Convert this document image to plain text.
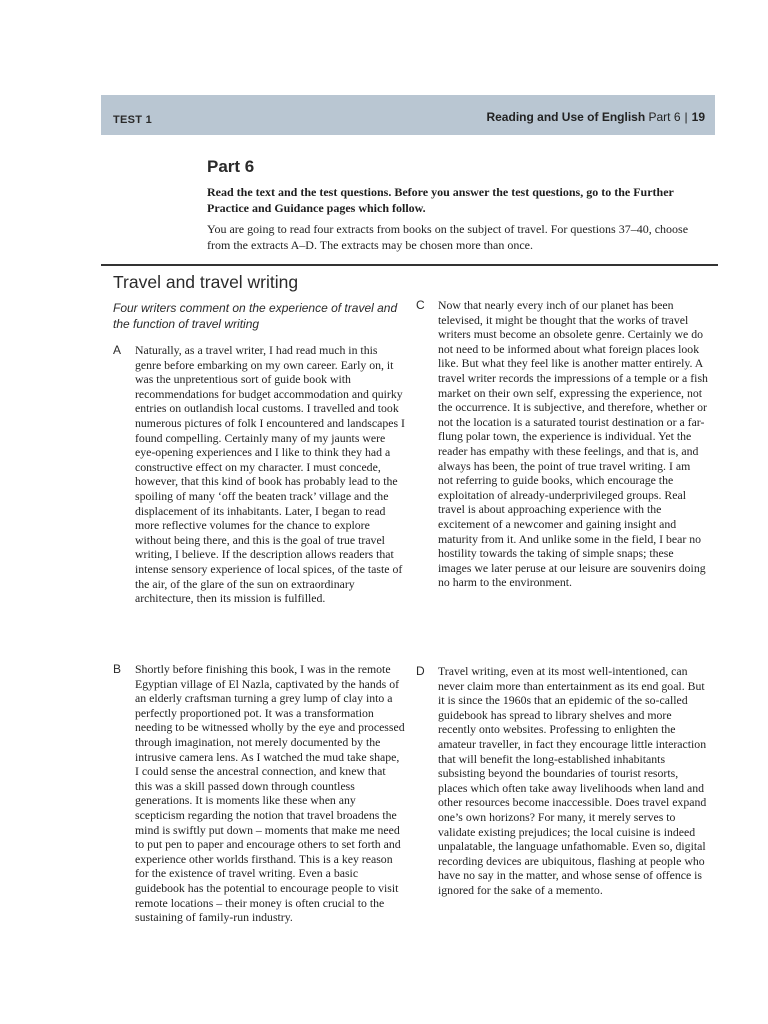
TEST 1	Reading and Use of English Part 6 | 19
Part 6
Read the text and the test questions. Before you answer the test questions, go to the Further Practice and Guidance pages which follow.
You are going to read four extracts from books on the subject of travel. For questions 37–40, choose from the extracts A–D. The extracts may be chosen more than once.
Travel and travel writing
Four writers comment on the experience of travel and the function of travel writing
A Naturally, as a travel writer, I had read much in this genre before embarking on my own career. Early on, it was the unpretentious sort of guide book with recommendations for budget accommodation and quirky entries on outlandish local customs. I travelled and took numerous pictures of folk I encountered and landscapes I found compelling. Certainly many of my jaunts were eye-opening experiences and I like to think they had a constructive effect on my character. I must concede, however, that this kind of book has probably lead to the spoiling of many ‘off the beaten track’ village and the displacement of its inhabitants. Later, I began to read more reflective volumes for the chance to explore without being there, and this is the goal of true travel writing, I believe. If the description allows readers that intense sensory experience of local spices, of the taste of the air, of the glare of the sun on extraordinary architecture, then its mission is fulfilled.
B Shortly before finishing this book, I was in the remote Egyptian village of El Nazla, captivated by the hands of an elderly craftsman turning a grey lump of clay into a perfectly proportioned pot. It was a transformation needing to be witnessed wholly by the eye and processed through imagination, not merely documented by the intrusive camera lens. As I watched the mud take shape, I could sense the ancestral connection, and knew that this was a skill passed down through countless generations. It is moments like these when any scepticism regarding the notion that travel broadens the mind is swiftly put down – moments that make me need to put pen to paper and encourage others to set forth and experience other worlds firsthand. This is a key reason for the existence of travel writing. Even a basic guidebook has the potential to encourage people to visit remote locations – their money is often crucial to the sustaining of family-run industry.
C Now that nearly every inch of our planet has been televised, it might be thought that the works of travel writers must become an obsolete genre. Certainly we do not need to be informed about what foreign places look like. But what they feel like is another matter entirely. A travel writer records the impressions of a temple or a fish market on their own self, expressing the experience, not the occurrence. It is subjective, and therefore, whether or not the location is a saturated tourist destination or a far-flung polar town, the experience is individual. Yet the reader has empathy with these feelings, and that is, and always has been, the point of true travel writing. I am not referring to guide books, which encourage the exploitation of already-underprivileged groups. Real travel is about approaching experience with the excitement of a newcomer and gaining insight and maturity from it. And unlike some in the field, I bear no hostility towards the taking of simple snaps; these images we later peruse at our leisure are souvenirs doing no harm to the environment.
D Travel writing, even at its most well-intentioned, can never claim more than entertainment as its end goal. But it is since the 1960s that an epidemic of the so-called guidebook has spread to library shelves and more recently onto websites. Professing to enlighten the amateur traveller, in fact they encourage little interaction that will benefit the long-established inhabitants subsisting beyond the boundaries of tourist resorts, places which often take away livelihoods when land and other resources become inaccessible. Does travel expand one’s own horizons? For many, it merely serves to validate existing prejudices; the local cuisine is indeed unpalatable, the language unfathomable. Even so, digital recording devices are ubiquitous, flashing at people who have no say in the matter, and whose sense of offence is ignored for the sake of a memento.
